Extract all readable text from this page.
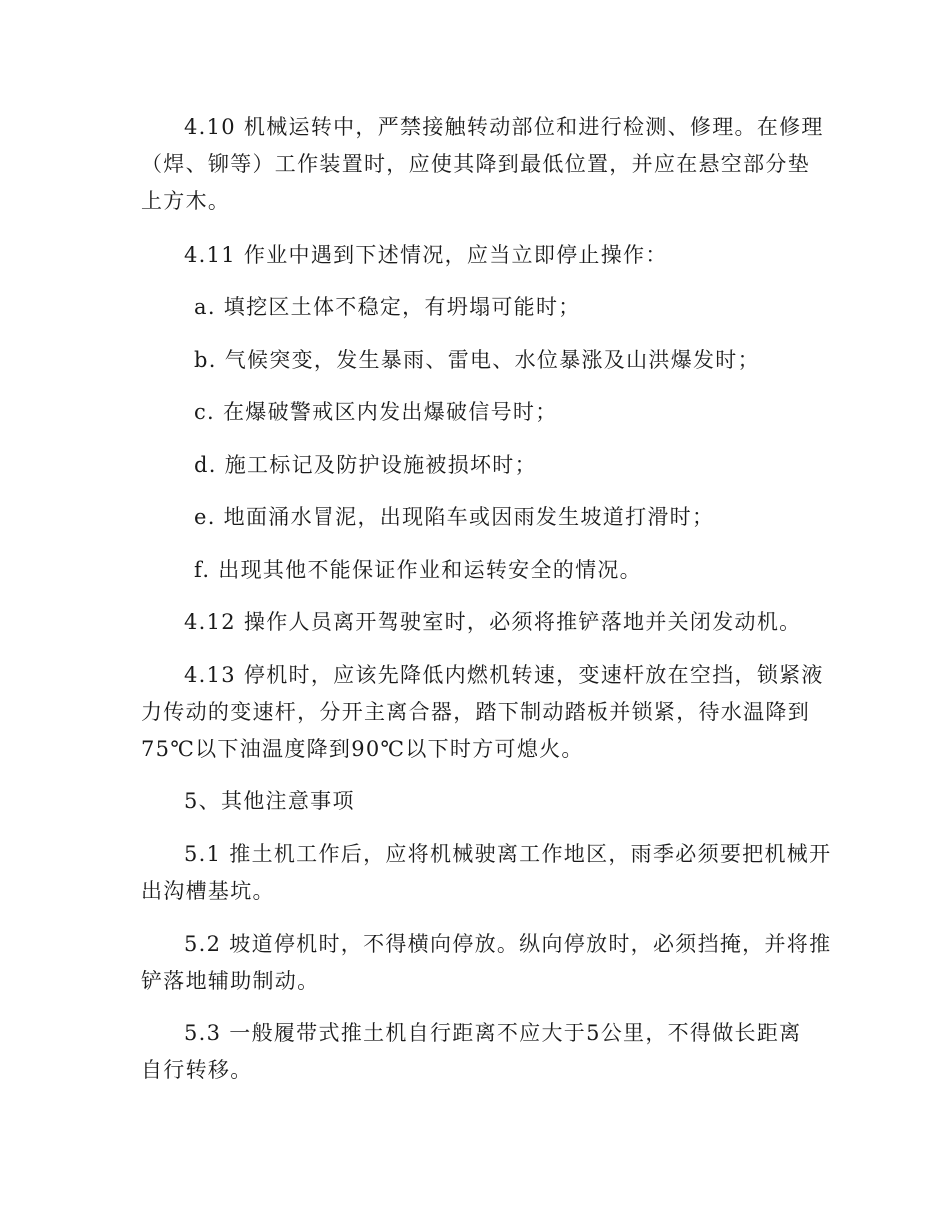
4.10 机械运转中，严禁接触转动部位和进行检测、修理。在修理
（焊、铆等）工作装置时，应使其降到最低位置，并应在悬空部分垫
上方木。
4.11 作业中遇到下述情况，应当立即停止操作：
a. 填挖区土体不稳定，有坍塌可能时；
b. 气候突变，发生暴雨、雷电、水位暴涨及山洪爆发时；
c. 在爆破警戒区内发出爆破信号时；
d. 施工标记及防护设施被损坏时；
e. 地面涌水冒泥，出现陷车或因雨发生坡道打滑时；
f. 出现其他不能保证作业和运转安全的情况。
4.12 操作人员离开驾驶室时，必须将推铲落地并关闭发动机。
4.13 停机时，应该先降低内燃机转速，变速杆放在空挡，锁紧液
力传动的变速杆，分开主离合器，踏下制动踏板并锁紧，待水温降到
75℃以下油温度降到90℃以下时方可熄火。
5、其他注意事项
5.1 推土机工作后，应将机械驶离工作地区，雨季必须要把机械开
出沟槽基坑。
5.2 坡道停机时，不得横向停放。纵向停放时，必须挡掩，并将推
铲落地辅助制动。
5.3 一般履带式推土机自行距离不应大于5公里，不得做长距离
自行转移。
